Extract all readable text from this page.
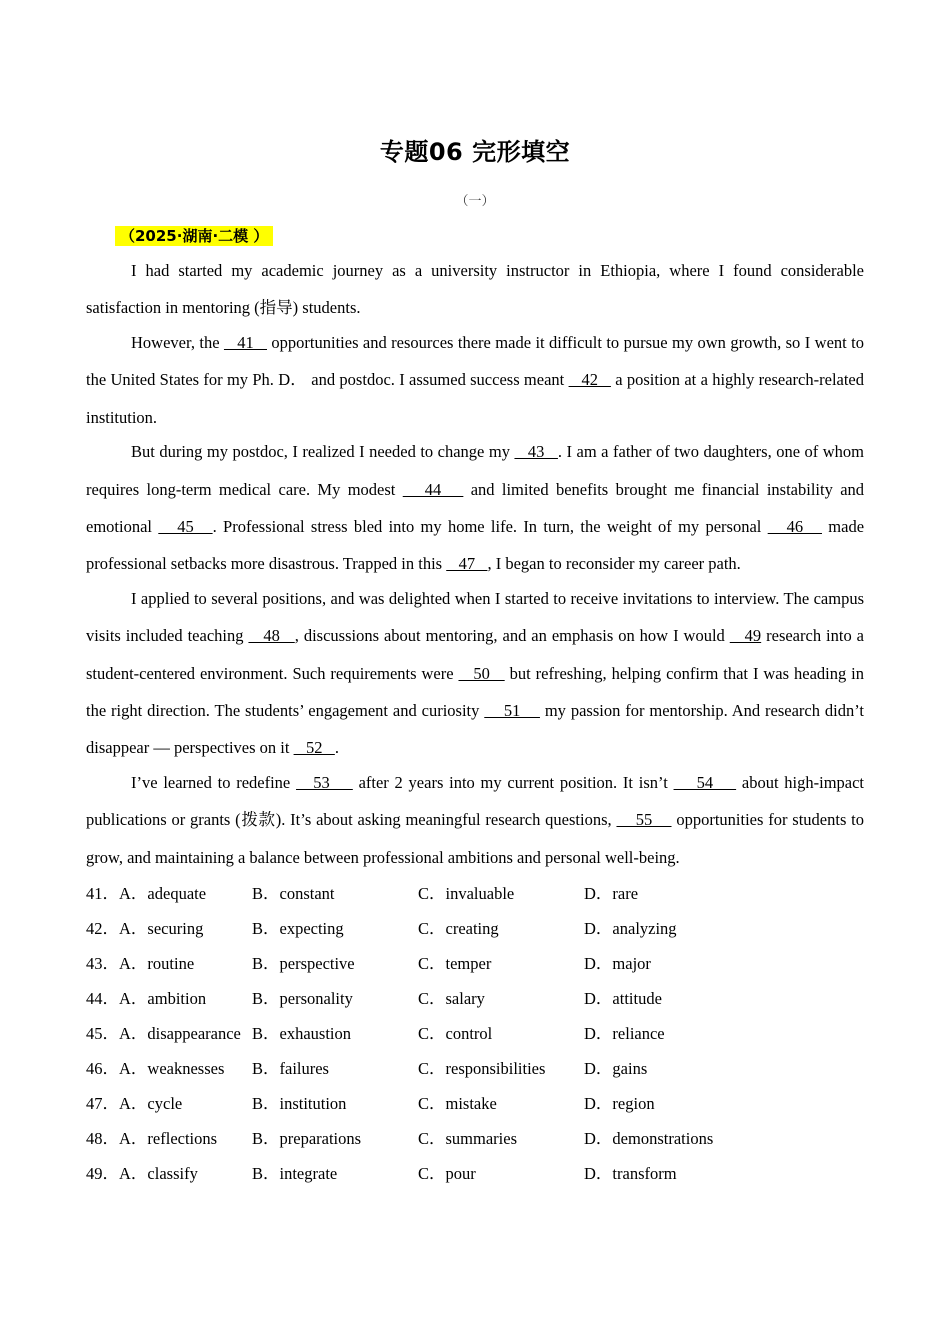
专题06 完形填空
（一）
（2025·湖南·二模 ）

I had started my academic journey as a university instructor in Ethiopia, where I found considerable satisfaction in mentoring (指导) students.

However, the    41    opportunities and resources there made it difficult to pursue my own growth, so I went to the United States for my Ph. D． and postdoc. I assumed success meant    42    a position at a highly research-related institution.

But during my postdoc, I realized I needed to change my    43   . I am a father of two daughters, one of whom requires long-term medical care. My modest    44    and limited benefits brought me financial instability and emotional    45   . Professional stress bled into my home life. In turn, the weight of my personal    46    made professional setbacks more disastrous. Trapped in this    47   , I began to reconsider my career path.

I applied to several positions, and was delighted when I started to receive invitations to interview. The campus visits included teaching    48   , discussions about mentoring, and an emphasis on how I would    49 research into a student-centered environment. Such requirements were    50    but refreshing, helping confirm that I was heading in the right direction. The students’ engagement and curiosity     51     my passion for mentorship. And research didn’t disappear — perspectives on it    52   .

I’ve learned to redefine    53     after 2 years into my current position. It isn’t     54     about high-impact publications or grants (拨款). It’s about asking meaningful research questions,     55     opportunities for students to grow, and maintaining a balance between professional ambitions and personal well-being.

41．A．adequate	B．constant	C．invaluable	D．rare
42．A．securing	B．expecting	C．creating	D．analyzing
43．A．routine	B．perspective	C．temper	D．major
44．A．ambition	B．personality	C．salary	D．attitude
45．A．disappearance B．exhaustion	C．control	D．reliance
46．A．weaknesses	B．failures	C．responsibilities	D．gains
47．A．cycle	B．institution	C．mistake	D．region
48．A．reflections	B．preparations	C．summaries	D．demonstrations
49．A．classify	B．integrate	C．pour	D．transform
